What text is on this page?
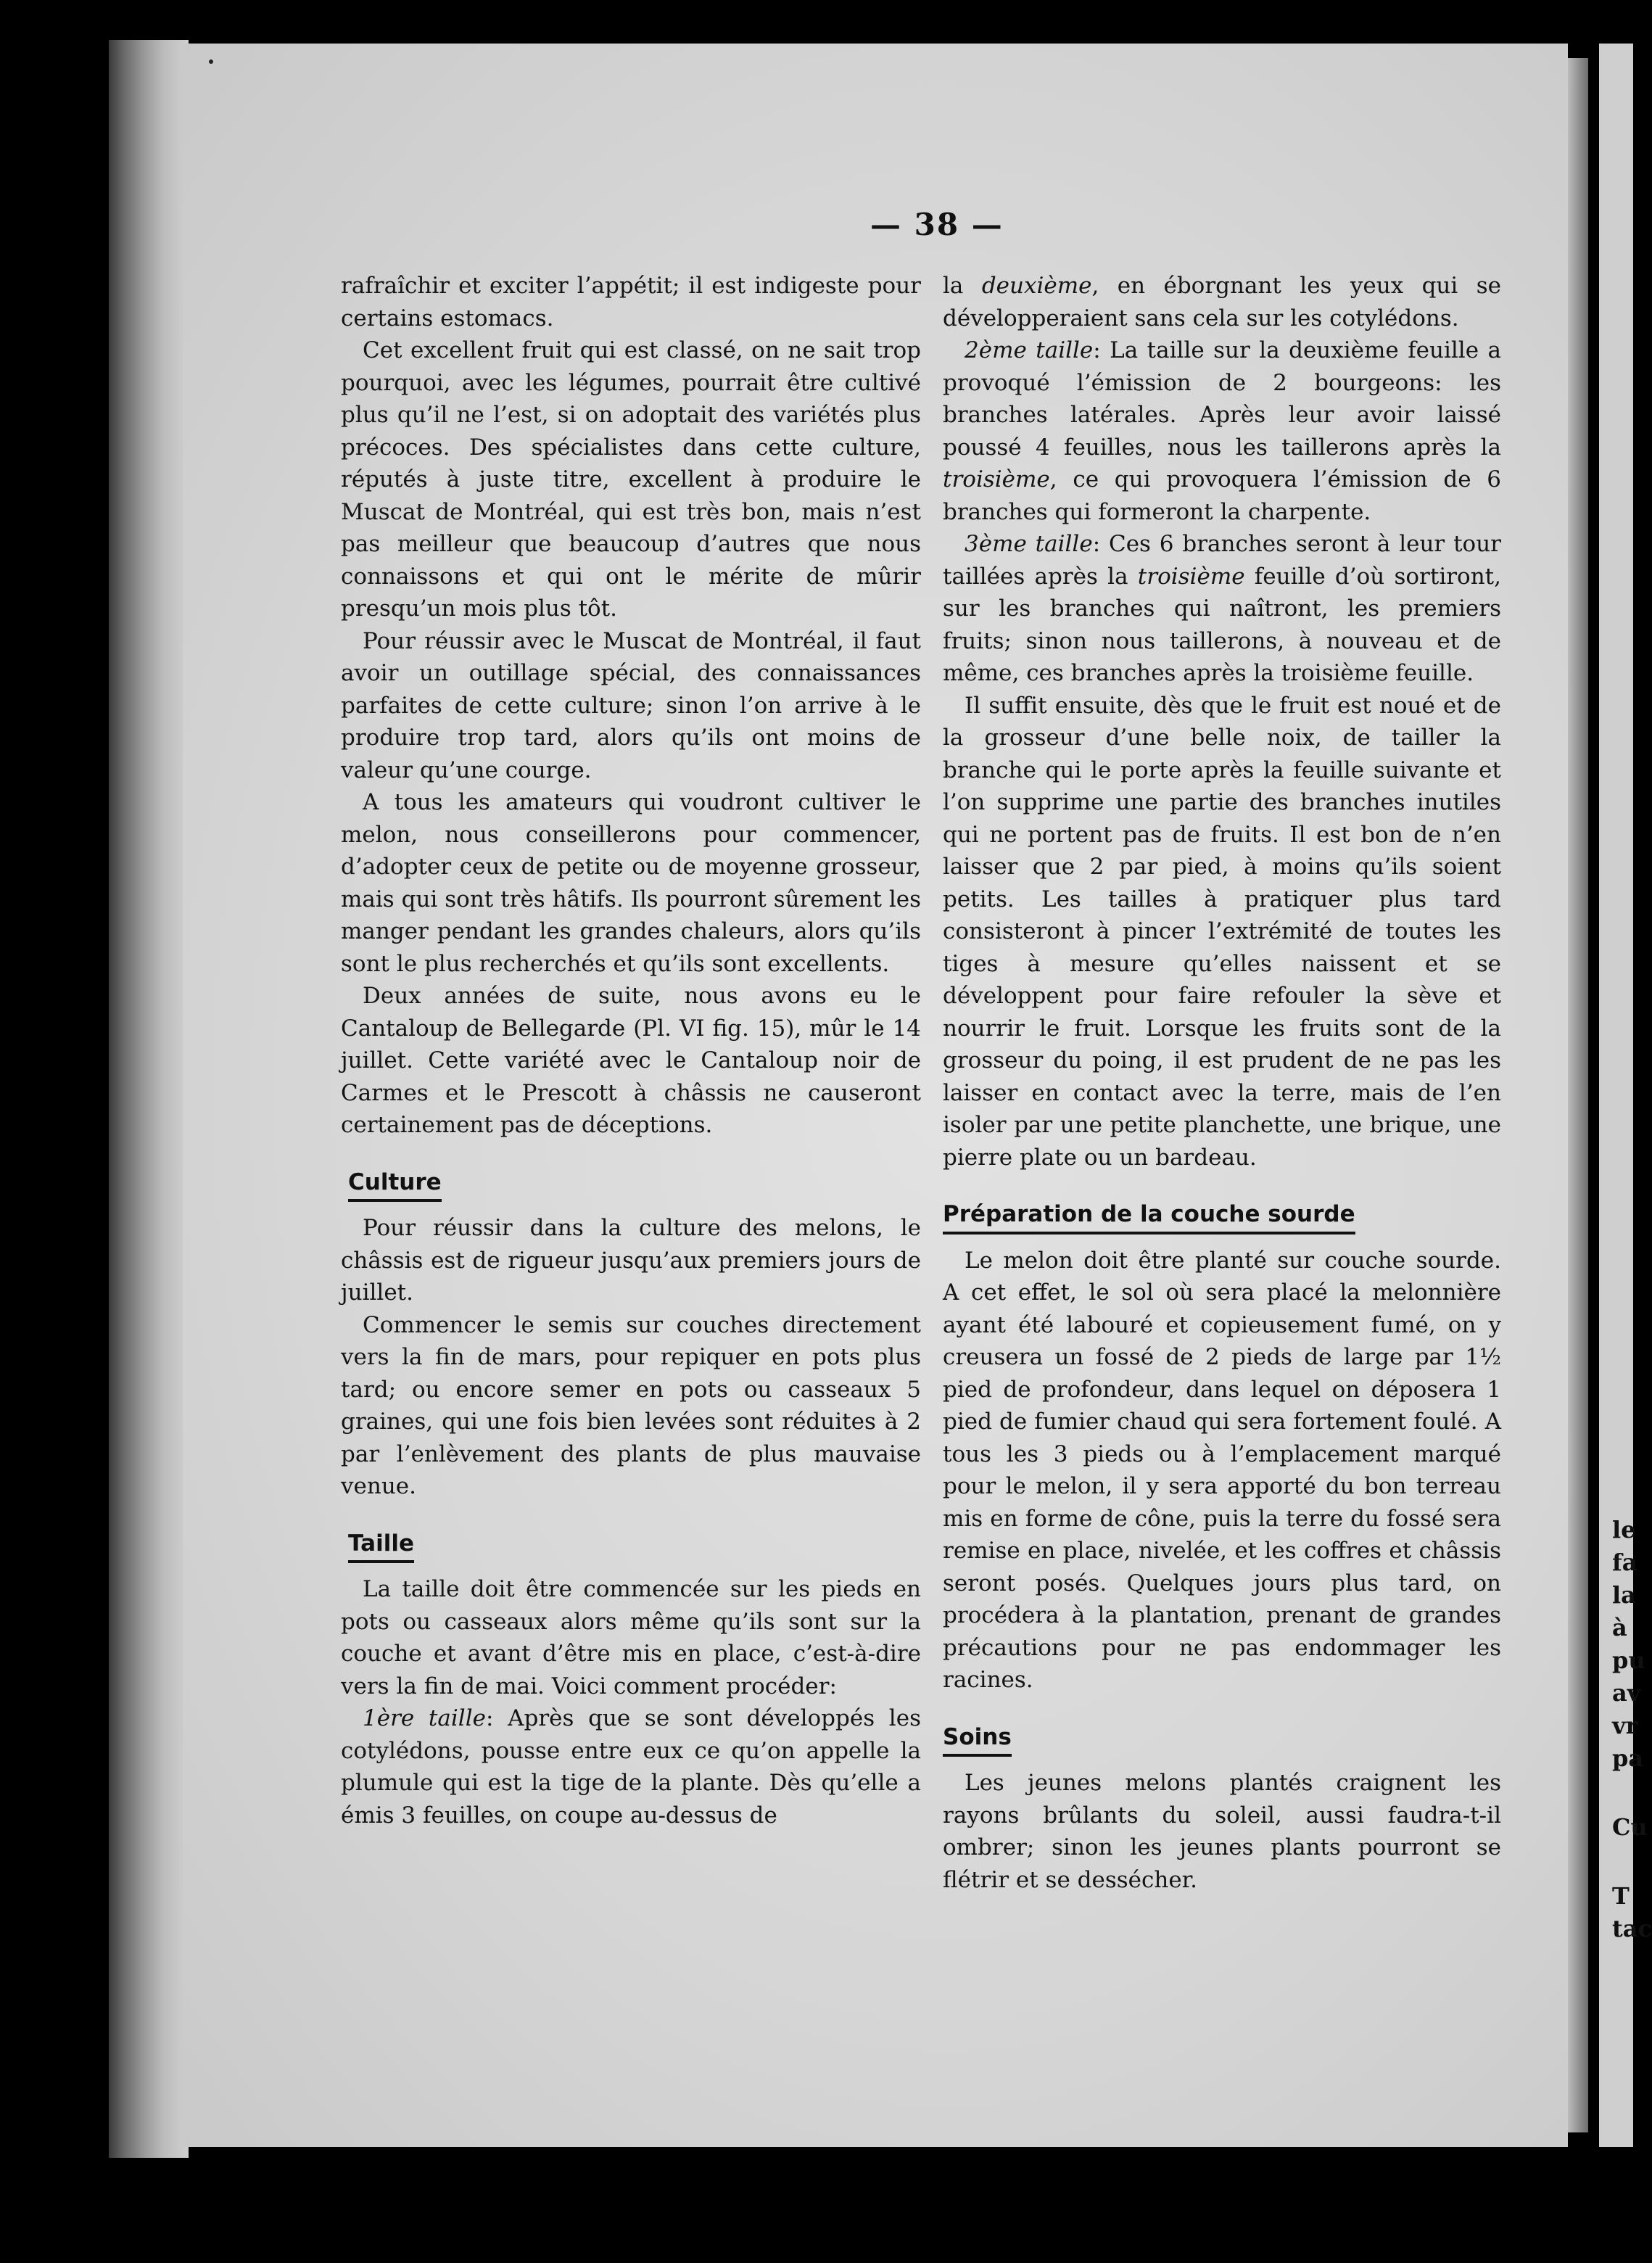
le
fa
la
à
pu
av
vr
pa
Cu
T
tac
— 38 —

rafraîchir et exciter l’appétit; il est indigeste pour certains estomacs.

Cet excellent fruit qui est classé, on ne sait trop pourquoi, avec les légumes, pourrait être cultivé plus qu’il ne l’est, si on adoptait des variétés plus précoces. Des spécialistes dans cette culture, réputés à juste titre, excellent à produire le Muscat de Montréal, qui est très bon, mais n’est pas meilleur que beaucoup d’autres que nous connaissons et qui ont le mérite de mûrir presqu’un mois plus tôt.

Pour réussir avec le Muscat de Montréal, il faut avoir un outillage spécial, des connaissances parfaites de cette culture; sinon l’on arrive à le produire trop tard, alors qu’ils ont moins de valeur qu’une courge.

A tous les amateurs qui voudront cultiver le melon, nous conseillerons pour commencer, d’adopter ceux de petite ou de moyenne grosseur, mais qui sont très hâtifs. Ils pourront sûrement les manger pendant les grandes chaleurs, alors qu’ils sont le plus recherchés et qu’ils sont excellents.

Deux années de suite, nous avons eu le Cantaloup de Bellegarde (Pl. VI fig. 15), mûr le 14 juillet. Cette variété avec le Cantaloup noir de Carmes et le Prescott à châssis ne causeront certainement pas de déceptions.

Culture

Pour réussir dans la culture des melons, le châssis est de rigueur jusqu’aux premiers jours de juillet.

Commencer le semis sur couches directement vers la fin de mars, pour repiquer en pots plus tard; ou encore semer en pots ou casseaux 5 graines, qui une fois bien levées sont réduites à 2 par l’enlèvement des plants de plus mauvaise venue.

Taille

La taille doit être commencée sur les pieds en pots ou casseaux alors même qu’ils sont sur la couche et avant d’être mis en place, c’est-à-dire vers la fin de mai. Voici comment procéder:

1ère taille: Après que se sont développés les cotylédons, pousse entre eux ce qu’on appelle la plumule qui est la tige de la plante. Dès qu’elle a émis 3 feuilles, on coupe au-dessus de

la deuxième, en éborgnant les yeux qui se développeraient sans cela sur les cotylédons.

2ème taille: La taille sur la deuxième feuille a provoqué l’émission de 2 bourgeons: les branches latérales. Après leur avoir laissé poussé 4 feuilles, nous les taillerons après la troisième, ce qui provoquera l’émission de 6 branches qui formeront la charpente.

3ème taille: Ces 6 branches seront à leur tour taillées après la troisième feuille d’où sortiront, sur les branches qui naîtront, les premiers fruits; sinon nous taillerons, à nouveau et de même, ces branches après la troisième feuille.

Il suffit ensuite, dès que le fruit est noué et de la grosseur d’une belle noix, de tailler la branche qui le porte après la feuille suivante et l’on supprime une partie des branches inutiles qui ne portent pas de fruits. Il est bon de n’en laisser que 2 par pied, à moins qu’ils soient petits. Les tailles à pratiquer plus tard consisteront à pincer l’extrémité de toutes les tiges à mesure qu’elles naissent et se développent pour faire refouler la sève et nourrir le fruit. Lorsque les fruits sont de la grosseur du poing, il est prudent de ne pas les laisser en contact avec la terre, mais de l’en isoler par une petite planchette, une brique, une pierre plate ou un bardeau.

Préparation de la couche sourde

Le melon doit être planté sur couche sourde. A cet effet, le sol où sera placé la melonnière ayant été labouré et copieusement fumé, on y creusera un fossé de 2 pieds de large par 1½ pied de profondeur, dans lequel on déposera 1 pied de fumier chaud qui sera fortement foulé. A tous les 3 pieds ou à l’emplacement marqué pour le melon, il y sera apporté du bon terreau mis en forme de cône, puis la terre du fossé sera remise en place, nivelée, et les coffres et châssis seront posés. Quelques jours plus tard, on procédera à la plantation, prenant de grandes précautions pour ne pas endommager les racines.

Soins

Les jeunes melons plantés craignent les rayons brûlants du soleil, aussi faudra-t-il ombrer; sinon les jeunes plants pourront se flétrir et se dessécher.
